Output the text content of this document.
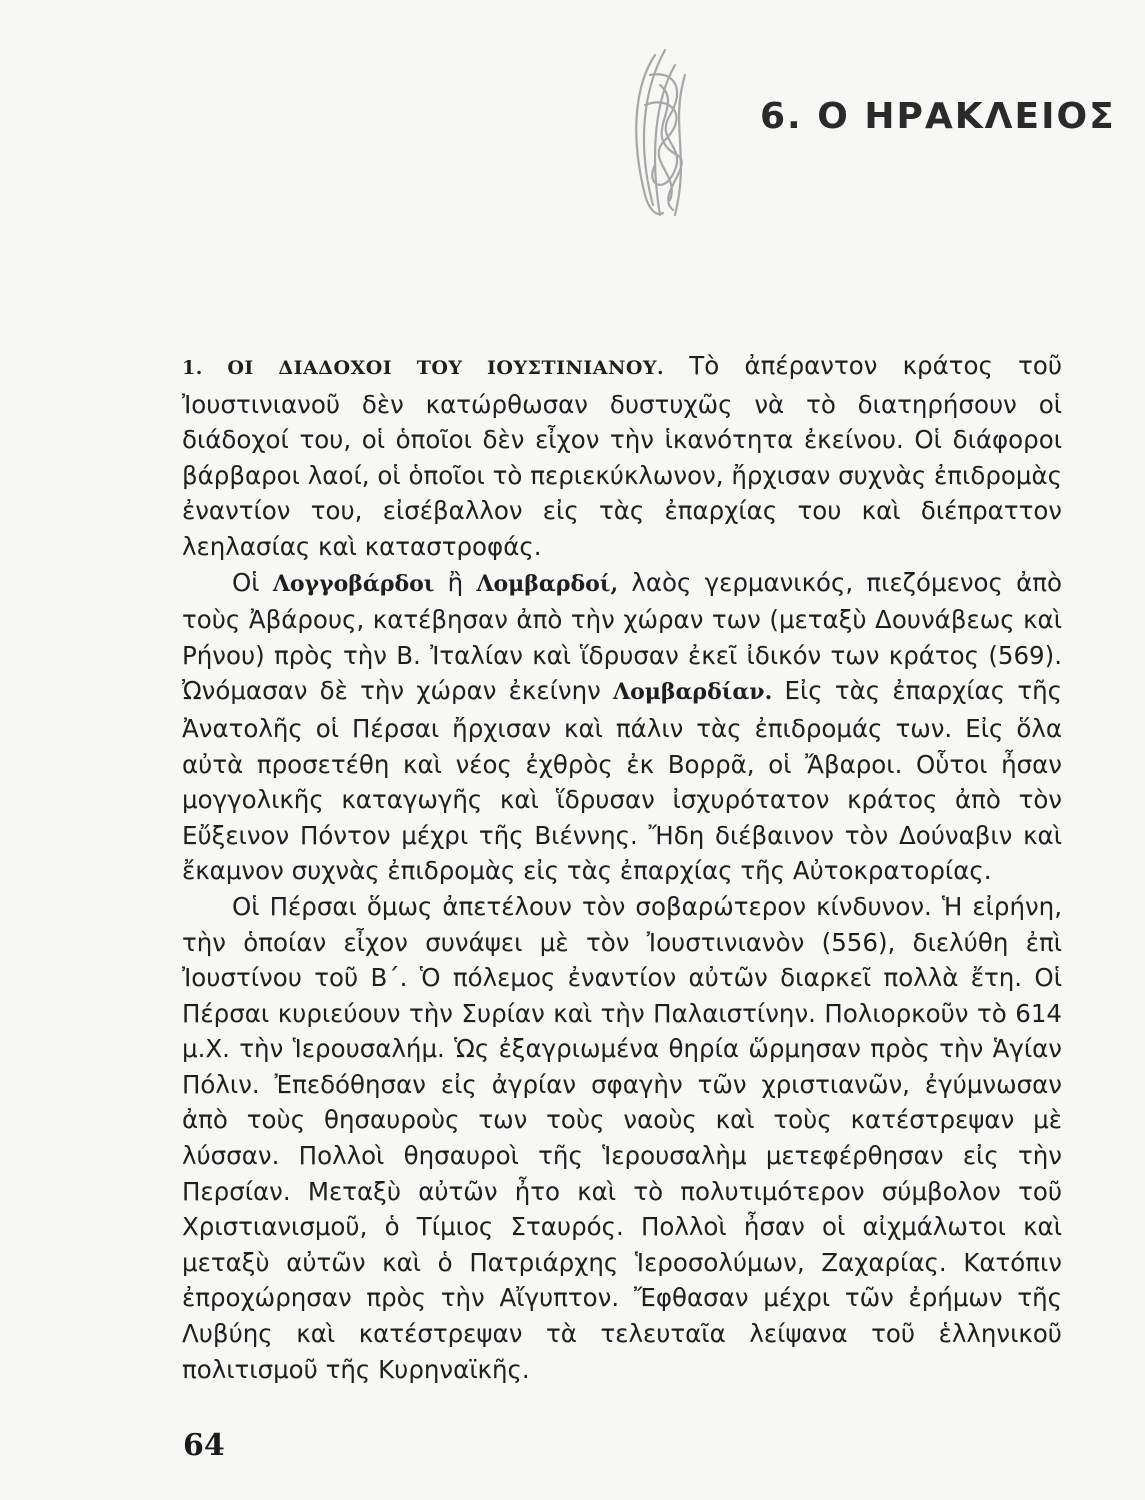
6. Ο ΗΡΑΚΛΕΙΟΣ

1. ΟΙ ΔΙΑΔΟΧΟΙ ΤΟΥ ΙΟΥΣΤΙΝΙΑΝΟΥ. Τὸ ἀπέραντον κράτος τοῦ Ἰουστινιανοῦ δὲν κατώρθωσαν δυστυχῶς νὰ τὸ διατηρήσουν οἱ διάδοχοί του, οἱ ὁποῖοι δὲν εἶχον τὴν ἱκανότητα ἐκείνου. Οἱ διάφοροι βάρβαροι λαοί, οἱ ὁποῖοι τὸ περιεκύκλωνον, ἤρχισαν συχνὰς ἐπιδρομὰς ἐναντίον του, εἰσέβαλλον εἰς τὰς ἐπαρχίας του καὶ διέπραττον λεηλασίας καὶ καταστροφάς.

Οἱ Λογγοβάρδοι ἢ Λομβαρδοί, λαὸς γερμανικός, πιεζόμενος ἀπὸ τοὺς Ἀβάρους, κατέβησαν ἀπὸ τὴν χώραν των (μεταξὺ Δουνάβεως καὶ Ρήνου) πρὸς τὴν Β. Ἰταλίαν καὶ ἵδρυσαν ἐκεῖ ἰδικόν των κράτος (569). Ὠνόμασαν δὲ τὴν χώραν ἐκείνην Λομβαρδίαν. Εἰς τὰς ἐπαρχίας τῆς Ἀνατολῆς οἱ Πέρσαι ἤρχισαν καὶ πάλιν τὰς ἐπιδρομάς των. Εἰς ὅλα αὐτὰ προσετέθη καὶ νέος ἐχθρὸς ἐκ Βορρᾶ, οἱ Ἄβαροι. Οὗτοι ἦσαν μογγολικῆς καταγωγῆς καὶ ἵδρυσαν ἰσχυρότατον κράτος ἀπὸ τὸν Εὔξεινον Πόντον μέχρι τῆς Βιέννης. Ἤδη διέβαινον τὸν Δούναβιν καὶ ἔκαμνον συχνὰς ἐπιδρομὰς εἰς τὰς ἐπαρχίας τῆς Αὐτοκρατορίας.

Οἱ Πέρσαι ὅμως ἀπετέλουν τὸν σοβαρώτερον κίνδυνον. Ἡ εἰρήνη, τὴν ὁποίαν εἶχον συνάψει μὲ τὸν Ἰουστινιανὸν (556), διελύθη ἐπὶ Ἰουστίνου τοῦ Β΄. Ὁ πόλεμος ἐναντίον αὐτῶν διαρκεῖ πολλὰ ἔτη. Οἱ Πέρσαι κυριεύουν τὴν Συρίαν καὶ τὴν Παλαιστίνην. Πολιορκοῦν τὸ 614 μ.Χ. τὴν Ἱερουσαλήμ. Ὡς ἐξαγριωμένα θηρία ὥρμησαν πρὸς τὴν Ἁγίαν Πόλιν. Ἐπεδόθησαν εἰς ἀγρίαν σφαγὴν τῶν χριστιανῶν, ἐγύμνωσαν ἀπὸ τοὺς θησαυροὺς των τοὺς ναοὺς καὶ τοὺς κατέστρεψαν μὲ λύσσαν. Πολλοὶ θησαυροὶ τῆς Ἱερουσαλὴμ μετεφέρθησαν εἰς τὴν Περσίαν. Μεταξὺ αὐτῶν ἦτο καὶ τὸ πολυτιμότερον σύμβολον τοῦ Χριστιανισμοῦ, ὁ Τίμιος Σταυρός. Πολλοὶ ἦσαν οἱ αἰχμάλωτοι καὶ μεταξὺ αὐτῶν καὶ ὁ Πατριάρχης Ἱεροσολύμων, Ζαχαρίας. Κατόπιν ἐπροχώρησαν πρὸς τὴν Αἴγυπτον. Ἔφθασαν μέχρι τῶν ἐρήμων τῆς Λυβύης καὶ κατέστρεψαν τὰ τελευταῖα λείψανα τοῦ ἑλληνικοῦ πολιτισμοῦ τῆς Κυρηναϊκῆς.

64
